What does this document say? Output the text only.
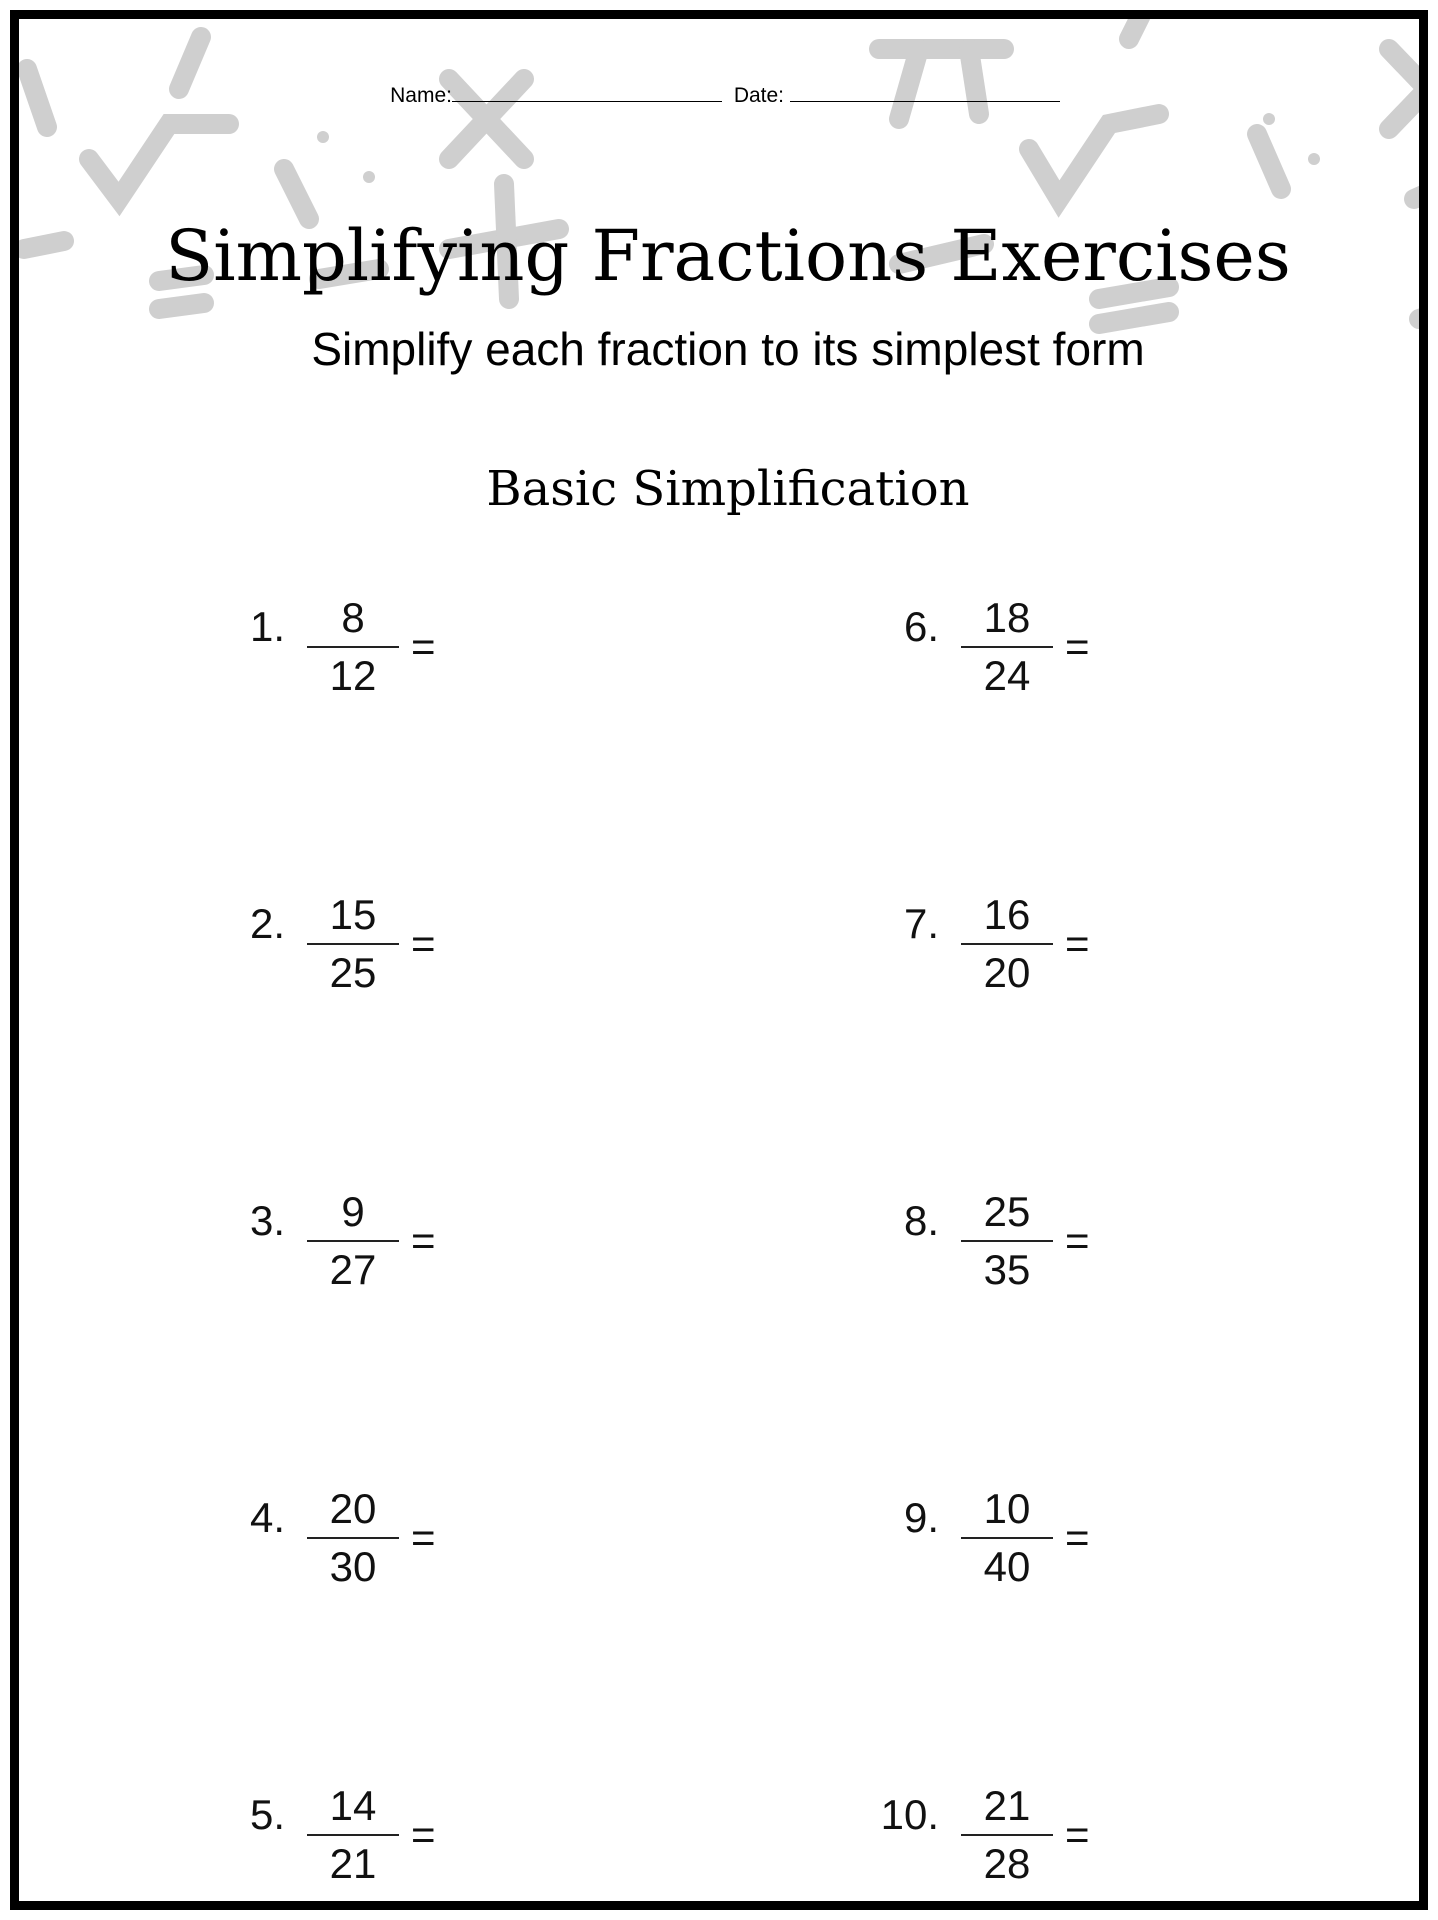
Name:	Date:
Simplifying Fractions Exercises
Simplify each fraction to its simplest form
Basic Simplification
1.	8
12
=
2.	15
25
=
3.	9
27
=
4.	20
30
=
5.	14
21
=
6.	18
24
=
7.	16
20
=
8.	25
35
=
9.	10
40
=
10.	21
28
=
